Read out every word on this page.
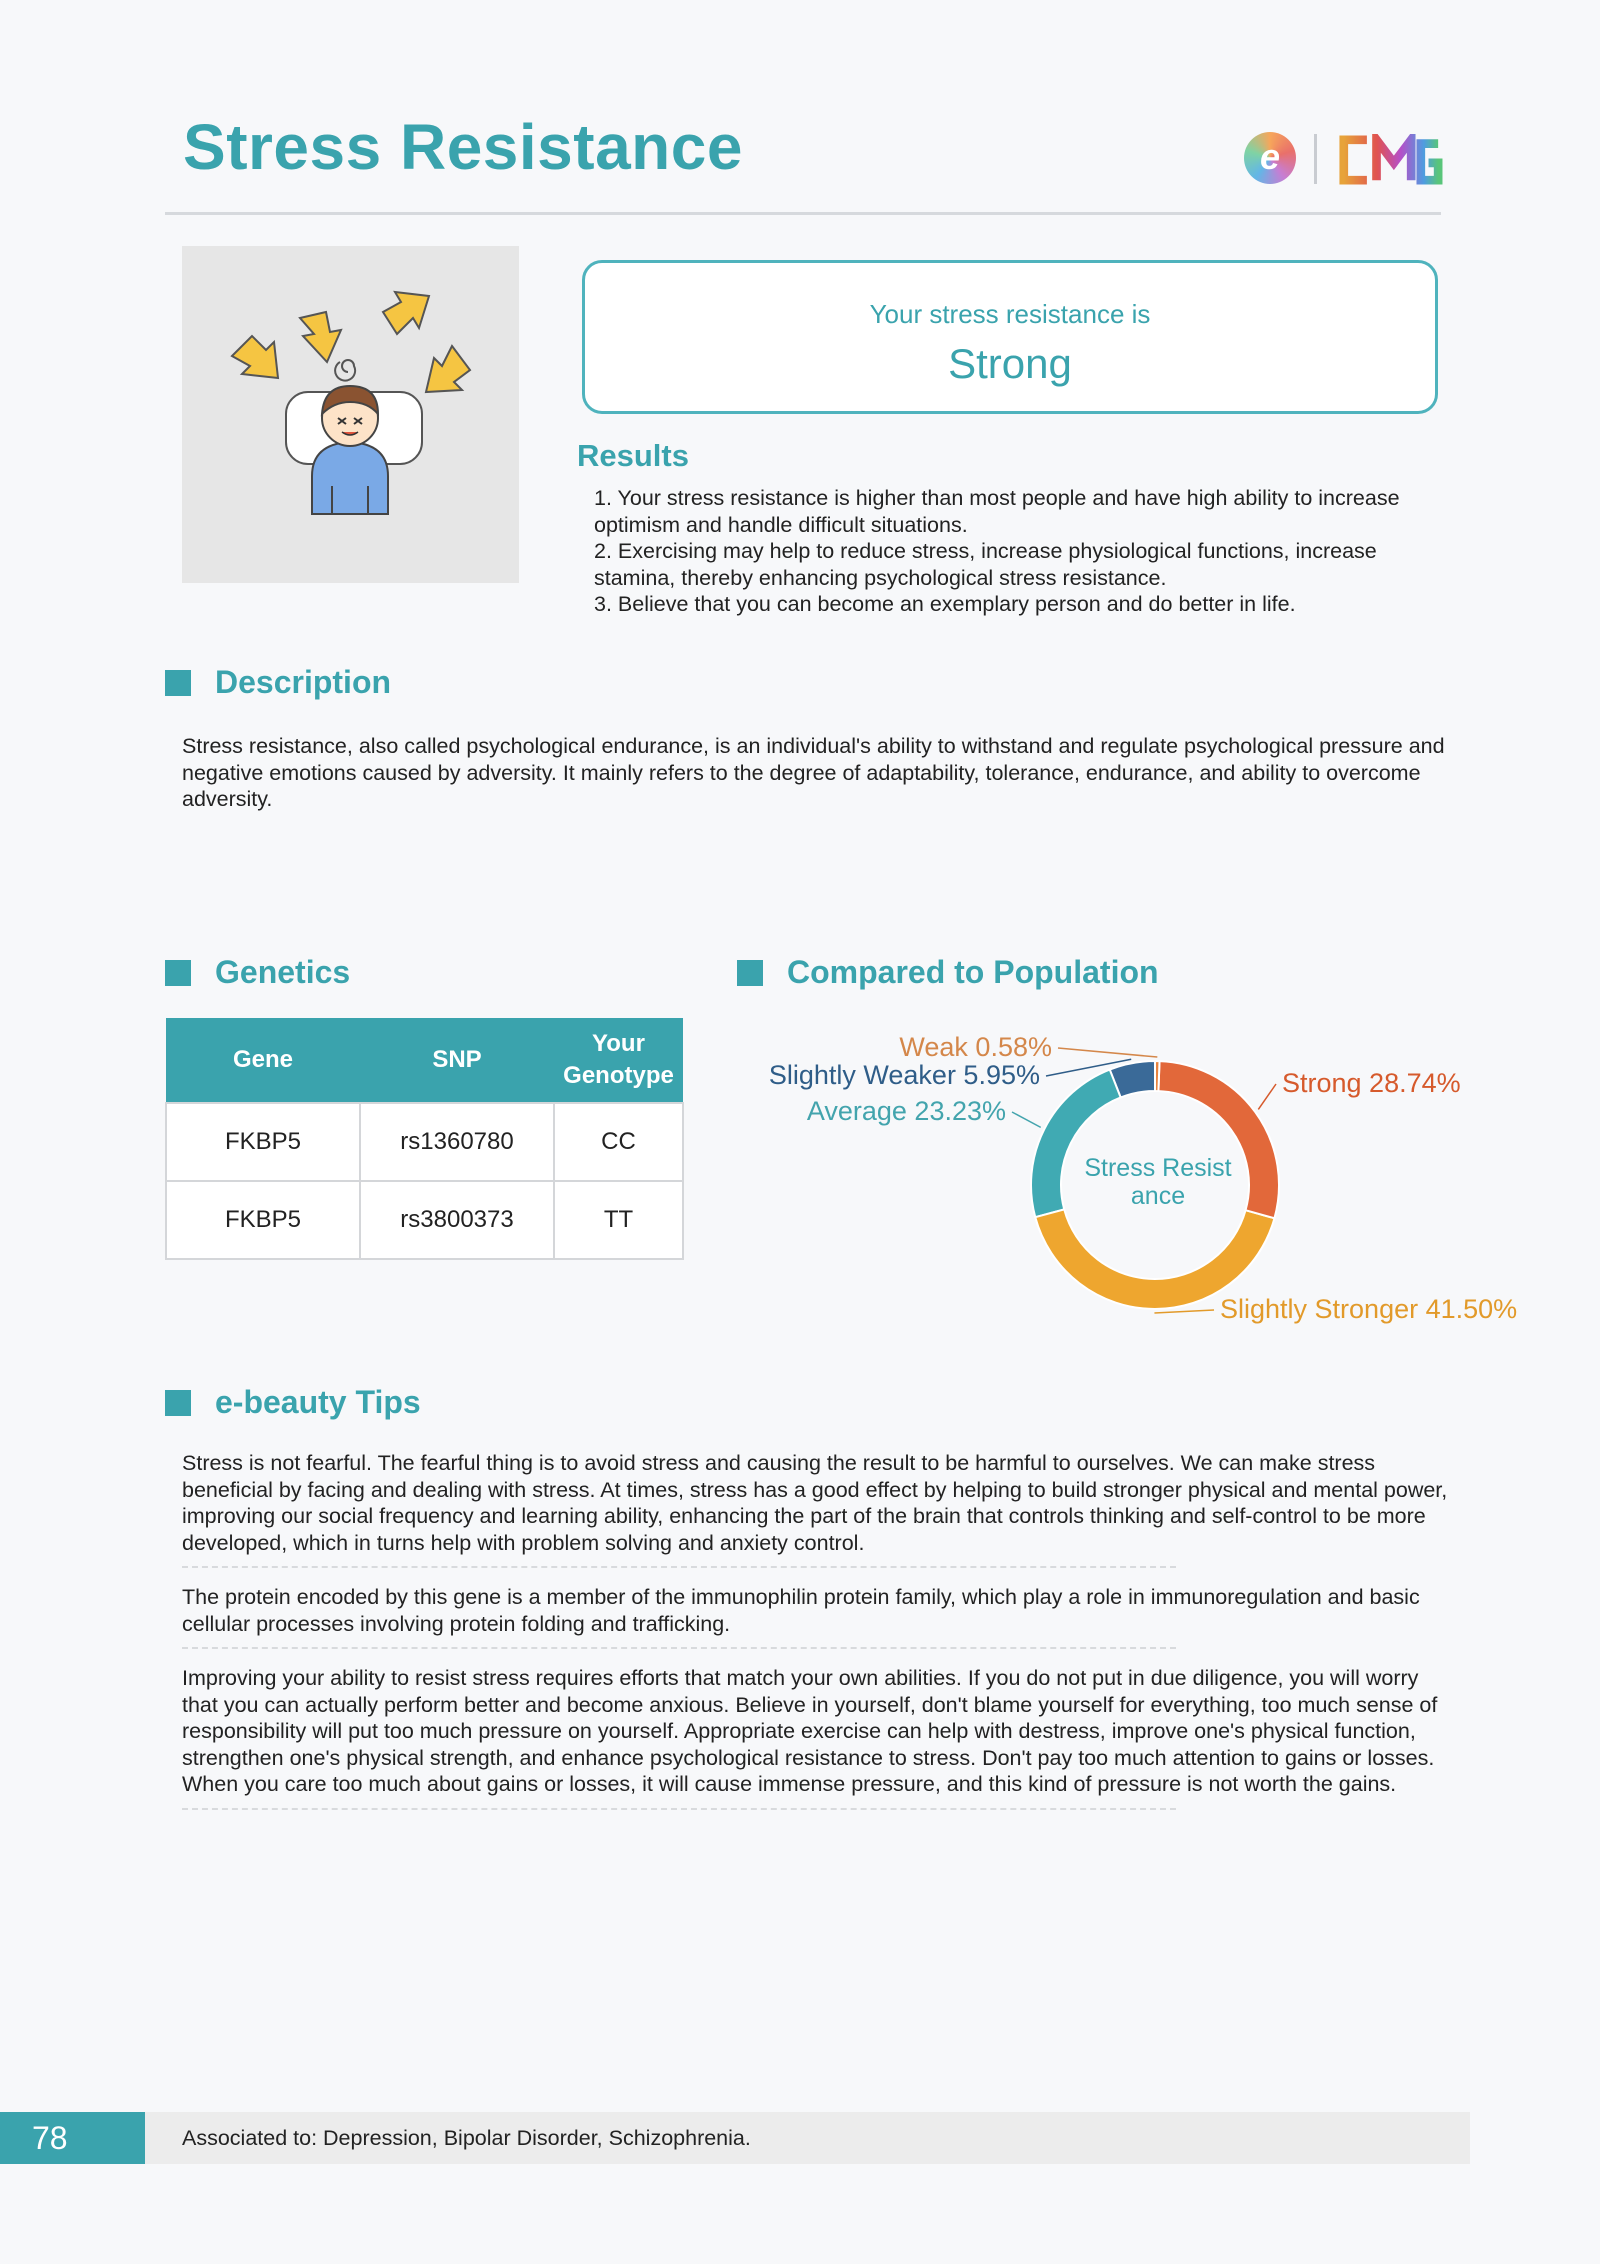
Stress Resistance	e
Your stress resistance is
Strong
Results

1. Your stress resistance is higher than most people and have high ability to increase optimism and handle difficult situations.

2. Exercising may help to reduce stress, increase physiological functions, increase stamina, thereby enhancing psychological stress resistance.

3. Believe that you can become an exemplary person and do better in life.

Description
Stress resistance, also called psychological endurance, is an individual's ability to withstand and regulate psychological pressure and negative emotions caused by adversity. It mainly refers to the degree of adaptability, tolerance, endurance, and ability to overcome adversity.
Genetics
Gene	SNP	Your Genotype
FKBP5	rs1360780	CC
FKBP5	rs3800373	TT
Compared to Population
Stress Resist
ance
Weak 0.58%
Strong 28.74%
Slightly Stronger 41.50%
Average 23.23%
Slightly Weaker 5.95%
e-beauty Tips
Stress is not fearful. The fearful thing is to avoid stress and causing the result to be harmful to ourselves. We can make stress beneficial by facing and dealing with stress. At times, stress has a good effect by helping to build stronger physical and mental power, improving our social frequency and learning ability, enhancing the part of the brain that controls thinking and self-control to be more developed, which in turns help with problem solving and anxiety control.
The protein encoded by this gene is a member of the immunophilin protein family, which play a role in immunoregulation and basic cellular processes involving protein folding and trafficking.
Improving your ability to resist stress requires efforts that match your own abilities. If you do not put in due diligence, you will worry that you can actually perform better and become anxious. Believe in yourself, don't blame yourself for everything, too much sense of responsibility will put too much pressure on yourself. Appropriate exercise can help with destress, improve one's physical function, strengthen one's physical strength, and enhance psychological resistance to stress. Don't pay too much attention to gains or losses. When you care too much about gains or losses, it will cause immense pressure, and this kind of pressure is not worth the gains.
78	Associated to: Depression, Bipolar Disorder, Schizophrenia.
